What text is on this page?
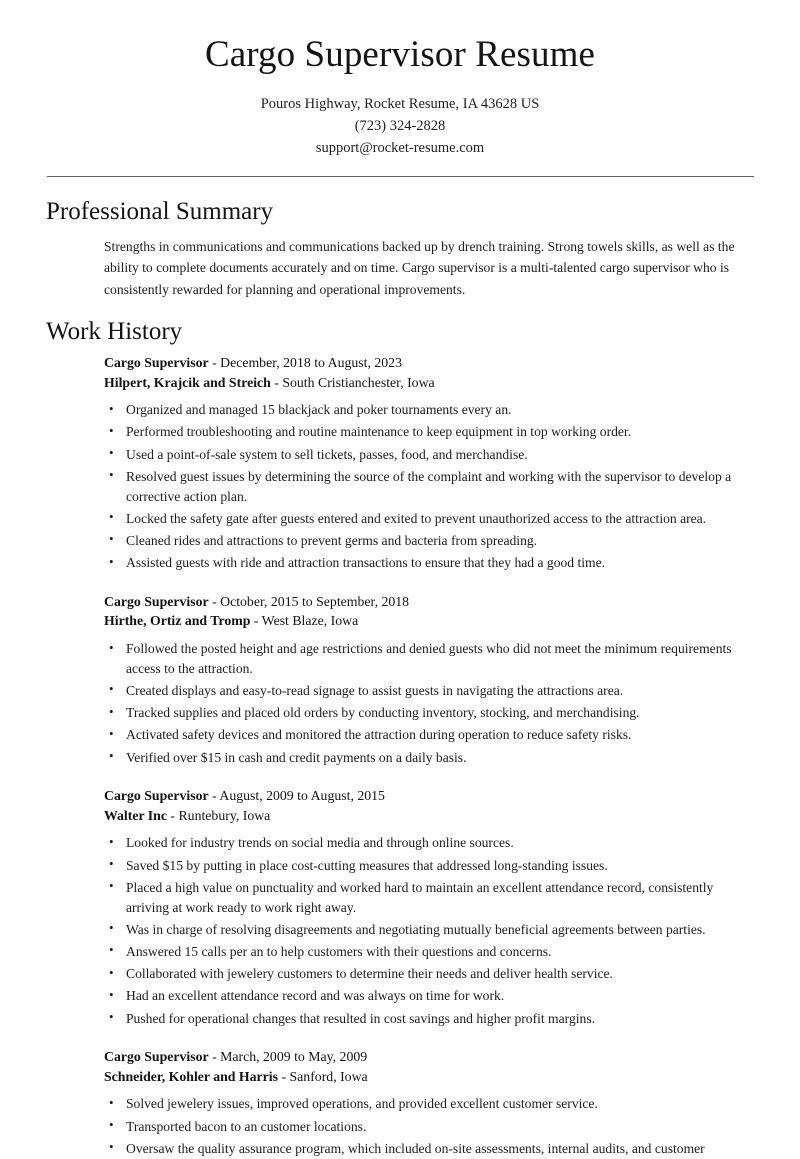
Cargo Supervisor Resume

Pouros Highway, Rocket Resume, IA 43628 US

(723) 324-2828

support@rocket-resume.com

Professional Summary

Strengths in communications and communications backed up by drench training. Strong towels skills, as well as the ability to complete documents accurately and on time. Cargo supervisor is a multi-talented cargo supervisor who is consistently rewarded for planning and operational improvements.

Work History

Cargo Supervisor - December, 2018 to August, 2023

Hilpert, Krajcik and Streich - South Cristianchester, Iowa

• Organized and managed 15 blackjack and poker tournaments every an.
• Performed troubleshooting and routine maintenance to keep equipment in top working order.
• Used a point-of-sale system to sell tickets, passes, food, and merchandise.
• Resolved guest issues by determining the source of the complaint and working with the supervisor to develop a corrective action plan.
• Locked the safety gate after guests entered and exited to prevent unauthorized access to the attraction area.
• Cleaned rides and attractions to prevent germs and bacteria from spreading.
• Assisted guests with ride and attraction transactions to ensure that they had a good time.

Cargo Supervisor - October, 2015 to September, 2018

Hirthe, Ortiz and Tromp - West Blaze, Iowa

• Followed the posted height and age restrictions and denied guests who did not meet the minimum requirements access to the attraction.
• Created displays and easy-to-read signage to assist guests in navigating the attractions area.
• Tracked supplies and placed old orders by conducting inventory, stocking, and merchandising.
• Activated safety devices and monitored the attraction during operation to reduce safety risks.
• Verified over $15 in cash and credit payments on a daily basis.

Cargo Supervisor - August, 2009 to August, 2015

Walter Inc - Runtebury, Iowa

• Looked for industry trends on social media and through online sources.
• Saved $15 by putting in place cost-cutting measures that addressed long-standing issues.
• Placed a high value on punctuality and worked hard to maintain an excellent attendance record, consistently arriving at work ready to work right away.
• Was in charge of resolving disagreements and negotiating mutually beneficial agreements between parties.
• Answered 15 calls per an to help customers with their questions and concerns.
• Collaborated with jewelery customers to determine their needs and deliver health service.
• Had an excellent attendance record and was always on time for work.
• Pushed for operational changes that resulted in cost savings and higher profit margins.

Cargo Supervisor - March, 2009 to May, 2009

Schneider, Kohler and Harris - Sanford, Iowa

• Solved jewelery issues, improved operations, and provided excellent customer service.
• Transported bacon to an customer locations.
• Oversaw the quality assurance program, which included on-site assessments, internal audits, and customer
